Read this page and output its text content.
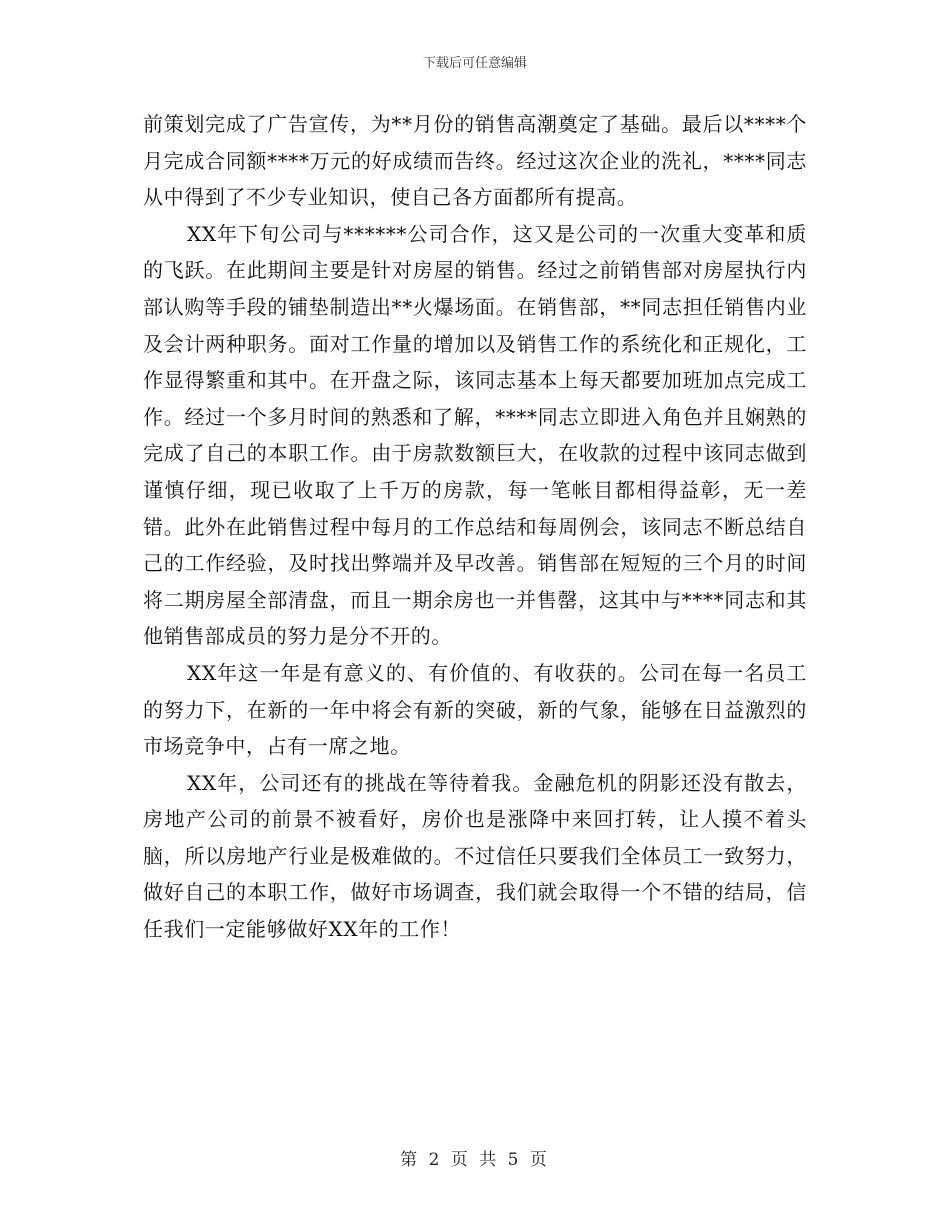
下载后可任意编辑

前策划完成了广告宣传，为**月份的销售高潮奠定了基础。最后以****个月完成合同额****万元的好成绩而告终。经过这次企业的洗礼，****同志从中得到了不少专业知识，使自己各方面都所有提高。

XX年下旬公司与******公司合作，这又是公司的一次重大变革和质的飞跃。在此期间主要是针对房屋的销售。经过之前销售部对房屋执行内部认购等手段的铺垫制造出**火爆场面。在销售部，**同志担任销售内业及会计两种职务。面对工作量的增加以及销售工作的系统化和正规化，工作显得繁重和其中。在开盘之际，该同志基本上每天都要加班加点完成工作。经过一个多月时间的熟悉和了解，****同志立即进入角色并且娴熟的完成了自己的本职工作。由于房款数额巨大，在收款的过程中该同志做到谨慎仔细，现已收取了上千万的房款，每一笔帐目都相得益彰，无一差错。此外在此销售过程中每月的工作总结和每周例会，该同志不断总结自己的工作经验，及时找出弊端并及早改善。销售部在短短的三个月的时间将二期房屋全部清盘，而且一期余房也一并售罄，这其中与****同志和其他销售部成员的努力是分不开的。

XX年这一年是有意义的、有价值的、有收获的。公司在每一名员工的努力下，在新的一年中将会有新的突破，新的气象，能够在日益激烈的市场竞争中，占有一席之地。

XX年，公司还有的挑战在等待着我。金融危机的阴影还没有散去，房地产公司的前景不被看好，房价也是涨降中来回打转，让人摸不着头脑，所以房地产行业是极难做的。不过信任只要我们全体员工一致努力，做好自己的本职工作，做好市场调查，我们就会取得一个不错的结局，信任我们一定能够做好XX年的工作！

第 2 页 共 5 页
